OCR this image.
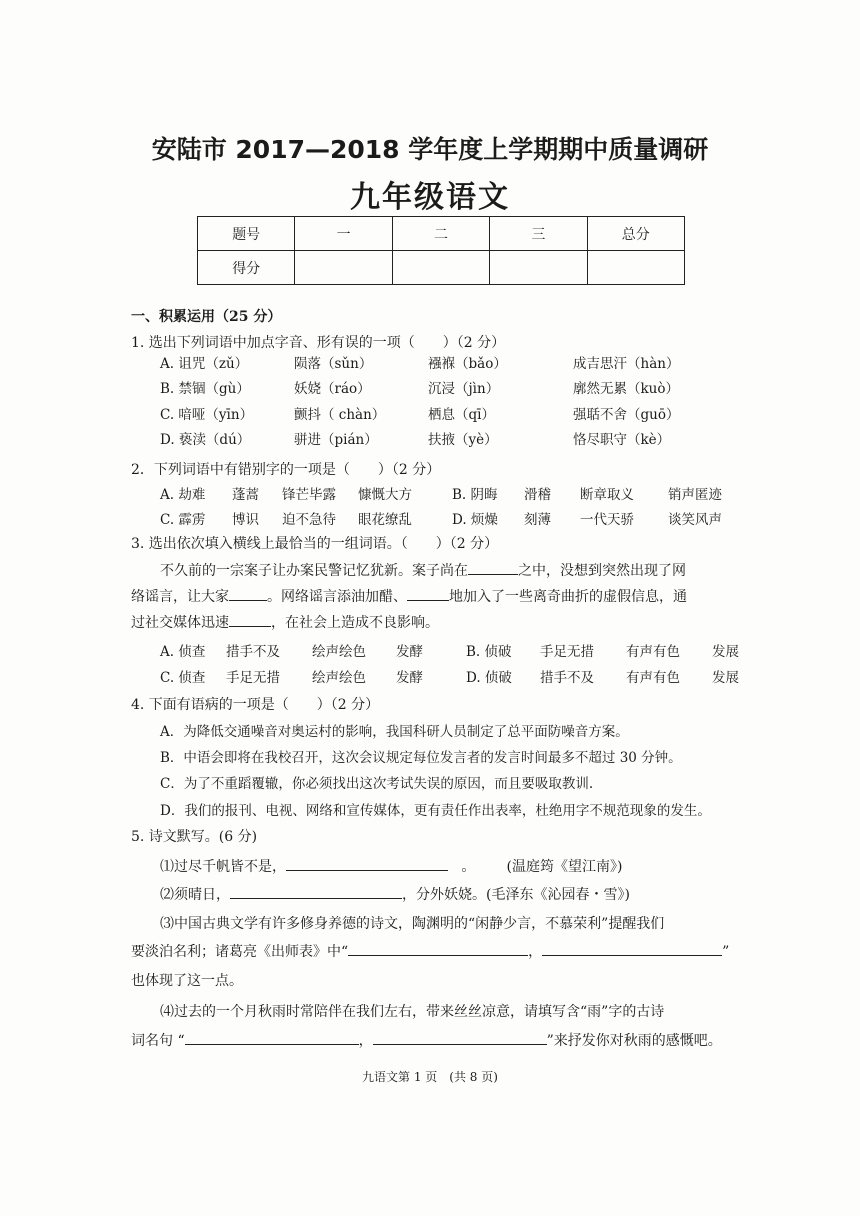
安陆市 2017—2018 学年度上学期期中质量调研
九年级语文
题号	一	二	三	总分
得分				
一、积累运用（25 分）
1. 选出下列词语中加点字音、形有误的一项（　　）（2 分）
A. 诅咒（zǔ）	陨落（sǔn）	襁褓（bǎo）	成吉思汗（hàn）
B. 禁锢（gù）	妖娆（ráo）	沉浸（jìn）	廓然无累（kuò）
C. 喑哑（yīn）	颤抖（ chàn）	栖息（qī）	强聒不舍（guō）
D. 亵渎（dú）	骈进（pián）	扶掖（yè）	恪尽职守（kè）
2．下列词语中有错别字的一项是（　　）（2 分）
A. 劫难 蓬蒿 锋芒毕露 慷慨大方	B. 阴晦 滑稽 断章取义	销声匿迹
C. 霹雳 博识 迫不急待 眼花缭乱	D. 烦燥 刻薄 一代天骄	谈笑风声
3. 选出依次填入横线上最恰当的一组词语。（　　）（2 分）
不久前的一宗案子让办案民警记忆犹新。案子尚在	之中，没想到突然出现了网
络谣言，让大家	。网络谣言添油加醋、	地加入了一些离奇曲折的虚假信息，通
过社交媒体迅速	，在社会上造成不良影响。
A. 侦查 措手不及 绘声绘色 发酵	B. 侦破 手足无措 有声有色 发展
C. 侦查 手足无措 绘声绘色 发酵	D. 侦破 措手不及 有声有色 发展
4. 下面有语病的一项是（　　）（2 分）
A．为降低交通噪音对奥运村的影响，我国科研人员制定了总平面防噪音方案。
B．中语会即将在我校召开，这次会议规定每位发言者的发言时间最多不超过 30 分钟。
C．为了不重蹈覆辙，你必须找出这次考试失误的原因，而且要吸取教训.
D．我们的报刊、电视、网络和宣传媒体，更有责任作出表率，杜绝用字不规范现象的发生。
5. 诗文默写。(6 分)
⑴过尽千帆皆不是，	。 (温庭筠《望江南》)
⑵须晴日，	，分外妖娆。(毛泽东《沁园春・雪》)
⑶中国古典文学有许多修身养德的诗文，陶渊明的“闲静少言，不慕荣利”提醒我们
要淡泊名利；诸葛亮《出师表》中“	，	”
也体现了这一点。
⑷过去的一个月秋雨时常陪伴在我们左右，带来丝丝凉意，请填写含“雨”字的古诗
词名句 “	，	”来抒发你对秋雨的感慨吧。
九语文第 1 页　(共 8 页)
